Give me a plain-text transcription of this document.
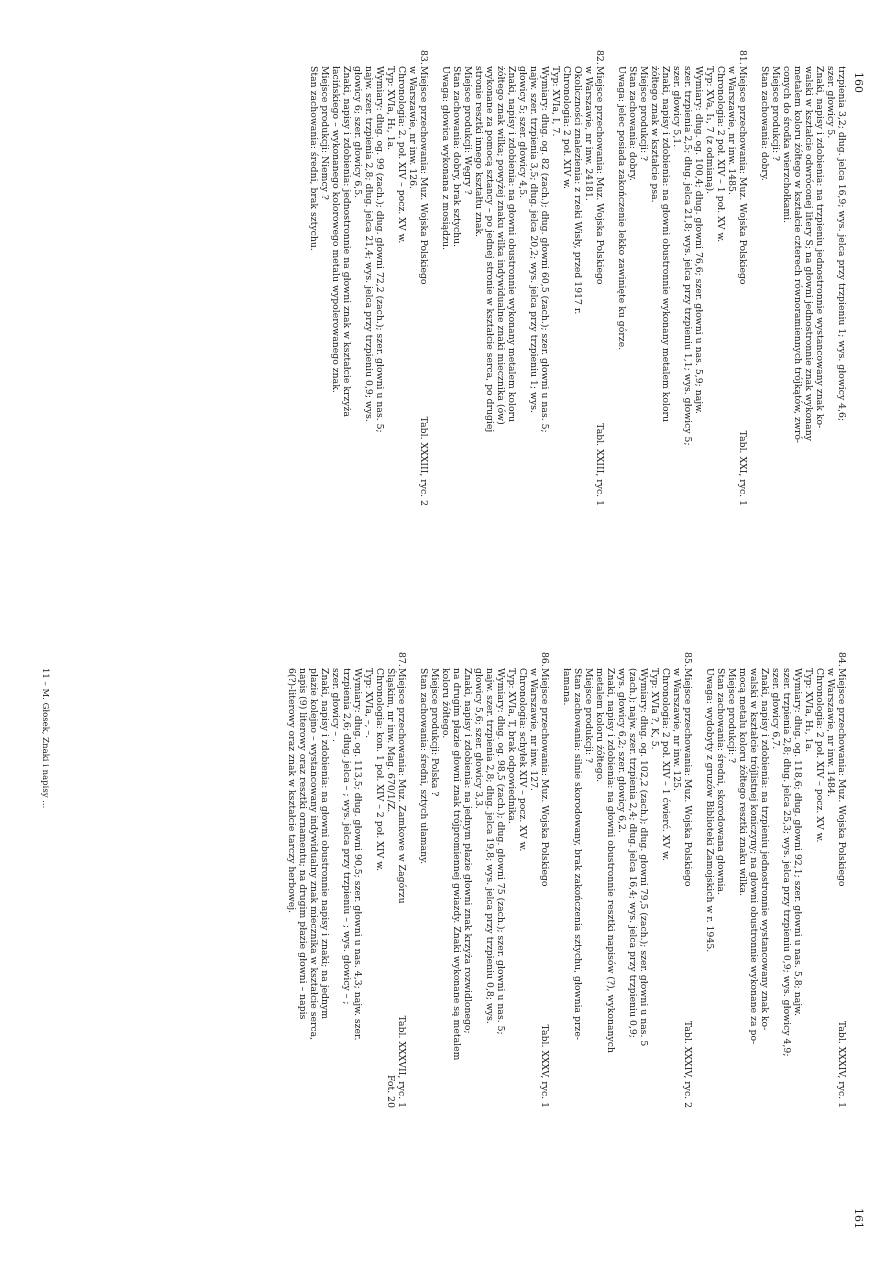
160
trzpienia 3,2; dług. jelca 16,9; wys. jelca przy trzpieniu 1; wys. głowicy 4,6;
szer. głowicy 5.
Znaki, napisy i zdobienia: na trzpieniu jednostronnie wystancowany znak ko-
walski w kształcie odwróconej litery S; na głowni jednostronnie znak wykonany
metalem koloru żółtego w kształcie czterech równoramiennych trójkątów, zwró-
conych do środka wierzchołkami.
Miejsce produkcji: ?
Stan zachowania: dobry.
81.
Tabl. XXI, ryc. 1
Miejsce przechowania: Muz. Wojska Polskiego
w Warszawie, nr inw. 1485.
Chronologia: 2 poł. XIV – 1 poł. XV w.
Typ: XVa, I₁, 7 (z odmianą).
Wymiary: dług. og. 100,4; dług. głowni 76,6; szer. głowni u nas. 5,9; najw.
szer. trzpienia 2,5; dług. jelca 21,8; wys. jelca przy trzpieniu 1,1; wys. głowicy 5;
szer. głowicy 5,1.
Znaki, napisy i zdobienia: na głowni obustronnie wykonany metalem koloru
żółtego znak w kształcie psa.
Miejsce produkcji: ?
Stan zachowania: dobry.
Uwaga: jelec posiada zakończenie lekko zawinięte ku górze.
82.
Tabl. XXIII, ryc. 1
Miejsce przechowania: Muz. Wojska Polskiego
w Warszawie, nr inw. 24181.
Okoliczności znalezienia: z rzeki Wisły, przed 1917 r.
Chronologia: 2 poł. XIV w.
Typ: XVIa, I, 7.
Wymiary: dług. og. 82 (zach.); dług. głowni 60,5 (zach.); szer. głowni u nas. 5;
najw. szer. trzpienia 3,5; dług. jelca 20,2; wys. jelca przy trzpieniu 1; wys.
głowicy 5; szer. głowicy 4,5.
Znaki, napisy i zdobienia: na głowni obustronnie wykonany metalem koloru
żółtego znak wilka; powyżej znaku wilka indywidualne znaki miecznika (ów)
wykonane za pomocą sztancy – po jednej stronie w kształcie serca, po drugiej
stronie resztki innego kształtu znak.
Miejsce produkcji: Węgry ?
Stan zachowania: dobry, brak sztychu.
Uwaga: głowica wykonana z mosiądzu.
83.
Tabl. XXXIII, ryc. 2
Miejsce przechowania: Muz. Wojska Polskiego
w Warszawie, nr inw. 126.
Chronologia: 2. poł. XIV – pocz. XV w.
Typ: XVIa, H₁, 1a.
Wymiary: dług. og. 99 (zach.); dług. głowni 72,2 (zach.); szer. głowni u nas. 5;
najw. szer. trzpienia 2,8; dług. jelca 21,4; wys. jelca przy trzpieniu 0,9; wys.
głowicy 6; szer. głowicy 6,5.
Znaki, napisy i zdobienia: jednostronnie na głowni znak w kształcie krzyża
łacińskiego – wykonanego kolorowego metalu wypolerowanego znak.
Miejsce produkcji: Niemcy ?
Stan zachowania: średni, brak sztychu.
161
84.
Tabl. XXXIV, ryc. 1
Miejsce przechowania: Muz. Wojska Polskiego
w Warszawie, nr inw. 1484.
Chronologia: 2 poł. XIV – pocz. XV w.
Typ: XVIa, H₁, 1a.
Wymiary: dług. og. 118,6; dług. głowni 92,1; szer. głowni u nas. 5,8; najw.
szer. trzpienia 2,8; dług. jelca 25,3; wys. jelca przy trzpieniu 0,9; wys. głowicy 4,9;
szer. głowicy 6,7.
Znaki, napisy i zdobienia: na trzpieniu jednostronnie wystancowany znak ko-
walski w kształcie trójlistnej koniczyny; na głowni obustronnie wykonane za po-
mocą metalu koloru żółtego resztki znaku wilka.
Miejsce produkcji: ?
Stan zachowania: średni, skorodowana głownia.
Uwaga: wydobyty z gruzów Biblioteki Zamojskich w r. 1945.
85.
Tabl. XXXIV, ryc. 2
Miejsce przechowania: Muz. Wojska Polskiego
w Warszawie, nr inw. 125.
Chronologia: 2 poł. XIV – 1 ćwierć. XV w.
Typ: XVIa ?, K, 5.
Wymiary: dług. og. 102,2 (zach.); dług. głowni 79,5 (zach.); szer. głowni u nas. 5
(zach.); najw. szer. trzpienia 2,4; dług. jelca 16,4; wys. jelca przy trzpieniu 0,9;
wys. głowicy 6,2; szer. głowicy 6,2.
Znaki, napisy i zdobienia: na głowni obustronnie resztki napisów (?), wykonanych
metalem koloru żółtego.
Miejsce produkcji: ?
Stan zachowania: silnie skorodowany, brak zakończenia sztychu, głownia prze-
łamana.
86.
Tabl. XXXV, ryc. 1
Miejsce przechowania: Muz. Wojska Polskiego
w Warszawie, nr inw. 127.
Chronologia: schyłek XIV – pocz. XV w.
Typ: XVIa, T, brak odpowiednika.
Wymiary: dług. og. 98,5 (zach.); dług. głowni 75 (zach.); szer. głowni u nas. 5;
najw. szer. trzpienia 2,8; dług. jelca 19,8; wys. jelca przy trzpieniu 0,8; wys.
głowicy 5,6; szer. głowicy 3,3.
Znaki, napisy i zdobienia: na jednym płazie głowni znak krzyża rozwidlonego;
na drugim płazie głowni znak trójpromiennej gwiazdy. Znaki wykonane są metalem
koloru żółtego.
Miejsce produkcji: Polska ?
Stan zachowania: średni, sztych ułamany.
87.
Tabl. XXXVII, ryc. 1
Fot. 20
Miejsce przechowania: Muz. Zamkowe w Zagórzu
Śląskim, nr inw. Mag. 670/1/Z.
Chronologia: kon. 1 poł. XIV – 2 poł. XIV w.
Typ: XVIa, –, –.
Wymiary: dług. og. 113,5; dług. głowni 90,5; szer. głowni u nas. 4,3; najw. szer.
trzpienia 2,6; dług. jelca – ; wys. jelca przy trzpieniu – ; wys. głowicy – ;
szer. głowicy – .
Znaki, napisy i zdobienia: na głowni obustronnie napisy i znaki; na jednym
płazie kolejno – wystancowany indywidualny znak miecznika w kształcie serca,
napis (9) literowy oraz resztki ornamentu; na drugim płazie głowni – napis
6(?)-literowy oraz znak w kształcie tarczy herbowej.
11 – M. Głosek, Znaki i napisy ...
